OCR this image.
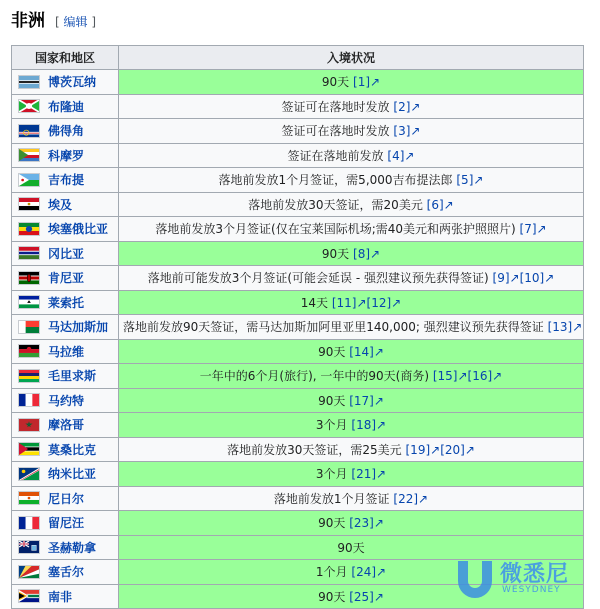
非洲 [ 编辑 ]
国家和地区	入境状况
博茨瓦纳	90天 [1]↗
布隆迪	签证可在落地时发放 [2]↗
佛得角	签证可在落地时发放 [3]↗
科摩罗	签证在落地前发放 [4]↗
吉布提	落地前发放1个月签证，需5,000吉布提法郎 [5]↗
埃及	落地前发放30天签证，需20美元 [6]↗
埃塞俄比亚	落地前发放3个月签证(仅在宝莱国际机场;需40美元和两张护照照片) [7]↗
冈比亚	90天 [8]↗
肯尼亚	落地前可能发放3个月签证(可能会延误 - 强烈建议预先获得签证) [9]↗[10]↗
莱索托	14天 [11]↗[12]↗
马达加斯加	落地前发放90天签证，需马达加斯加阿里亚里140,000; 强烈建议预先获得签证 [13]↗
马拉维	90天 [14]↗
毛里求斯	一年中的6个月(旅行), 一年中的90天(商务) [15]↗[16]↗
马约特	90天 [17]↗
摩洛哥	3个月 [18]↗
莫桑比克	落地前发放30天签证，需25美元 [19]↗[20]↗
纳米比亚	3个月 [21]↗
尼日尔	落地前发放1个月签证 [22]↗
留尼汪	90天 [23]↗
圣赫勒拿	90天
塞舌尔	1个月 [24]↗
南非	90天 [25]↗
微悉尼
WESYDNEY
